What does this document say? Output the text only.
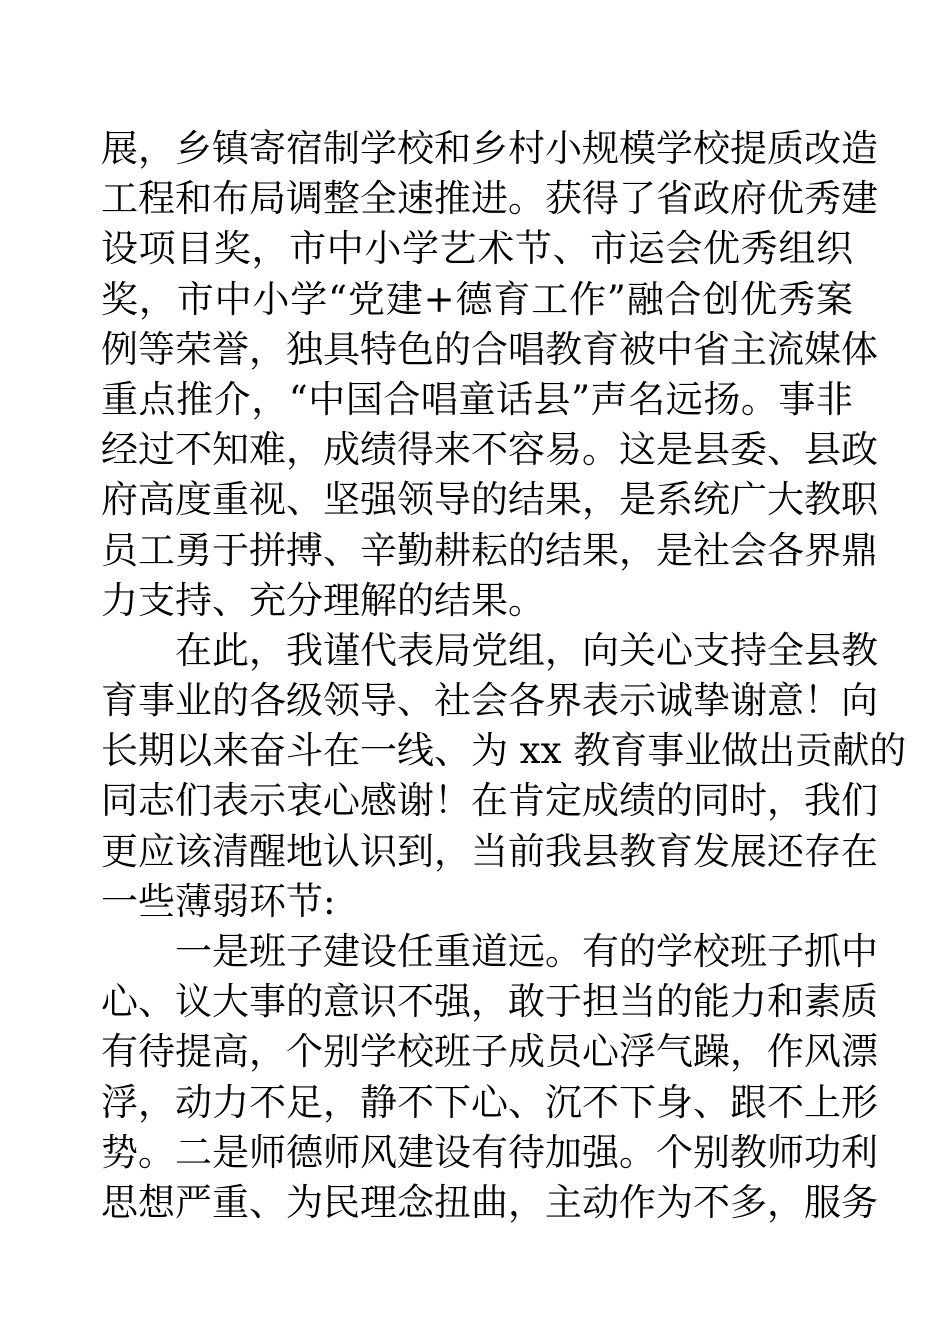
展，乡镇寄宿制学校和乡村小规模学校提质改造
工程和布局调整全速推进。获得了省政府优秀建
设项目奖，市中小学艺术节、市运会优秀组织
奖，市中小学“党建+德育工作”融合创优秀案
例等荣誉，独具特色的合唱教育被中省主流媒体
重点推介，“中国合唱童话县”声名远扬。事非
经过不知难，成绩得来不容易。这是县委、县政
府高度重视、坚强领导的结果，是系统广大教职
员工勇于拼搏、辛勤耕耘的结果，是社会各界鼎
力支持、充分理解的结果。
在此，我谨代表局党组，向关心支持全县教
育事业的各级领导、社会各界表示诚挚谢意！向
长期以来奋斗在一线、为 xx 教育事业做出贡献的
同志们表示衷心感谢！在肯定成绩的同时，我们
更应该清醒地认识到，当前我县教育发展还存在
一些薄弱环节:
一是班子建设任重道远。有的学校班子抓中
心、议大事的意识不强，敢于担当的能力和素质
有待提高，个别学校班子成员心浮气躁，作风漂
浮，动力不足，静不下心、沉不下身、跟不上形
势。二是师德师风建设有待加强。个别教师功利
思想严重、为民理念扭曲，主动作为不多，服务
